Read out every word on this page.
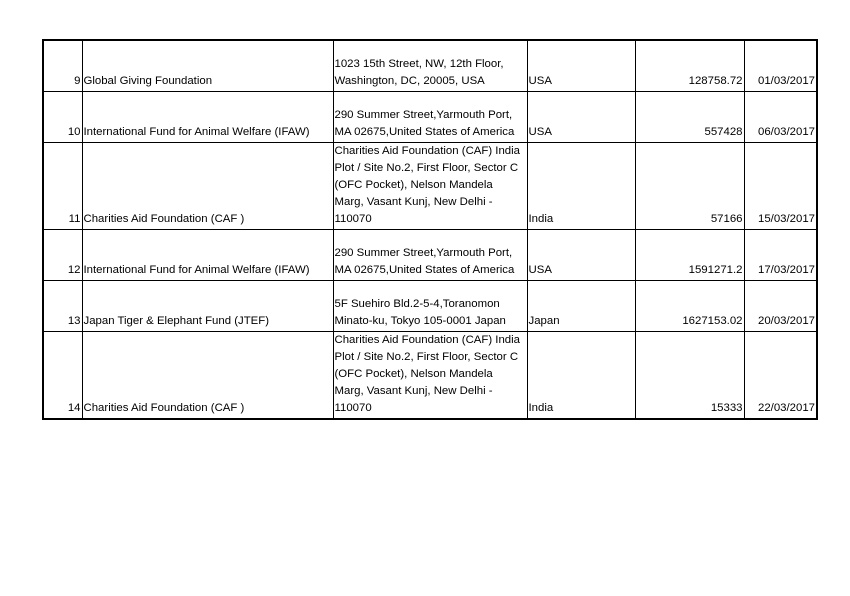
9	Global Giving Foundation	1023 15th Street, NW, 12th Floor,
Washington, DC, 20005, USA	USA	128758.72	01/03/2017
10	International Fund for Animal Welfare (IFAW)	290 Summer Street,Yarmouth Port,
MA 02675,United States of America	USA	557428	06/03/2017
11	Charities Aid Foundation (CAF )	Charities Aid Foundation (CAF) India
Plot / Site No.2, First Floor, Sector C
(OFC Pocket), Nelson Mandela
Marg, Vasant Kunj, New Delhi -
110070	India	57166	15/03/2017
12	International Fund for Animal Welfare (IFAW)	290 Summer Street,Yarmouth Port,
MA 02675,United States of America	USA	1591271.2	17/03/2017
13	Japan Tiger & Elephant Fund (JTEF)	5F Suehiro Bld.2-5-4,Toranomon
Minato-ku, Tokyo 105-0001 Japan	Japan	1627153.02	20/03/2017
14	Charities Aid Foundation (CAF )	Charities Aid Foundation (CAF) India
Plot / Site No.2, First Floor, Sector C
(OFC Pocket), Nelson Mandela
Marg, Vasant Kunj, New Delhi -
110070	India	15333	22/03/2017
